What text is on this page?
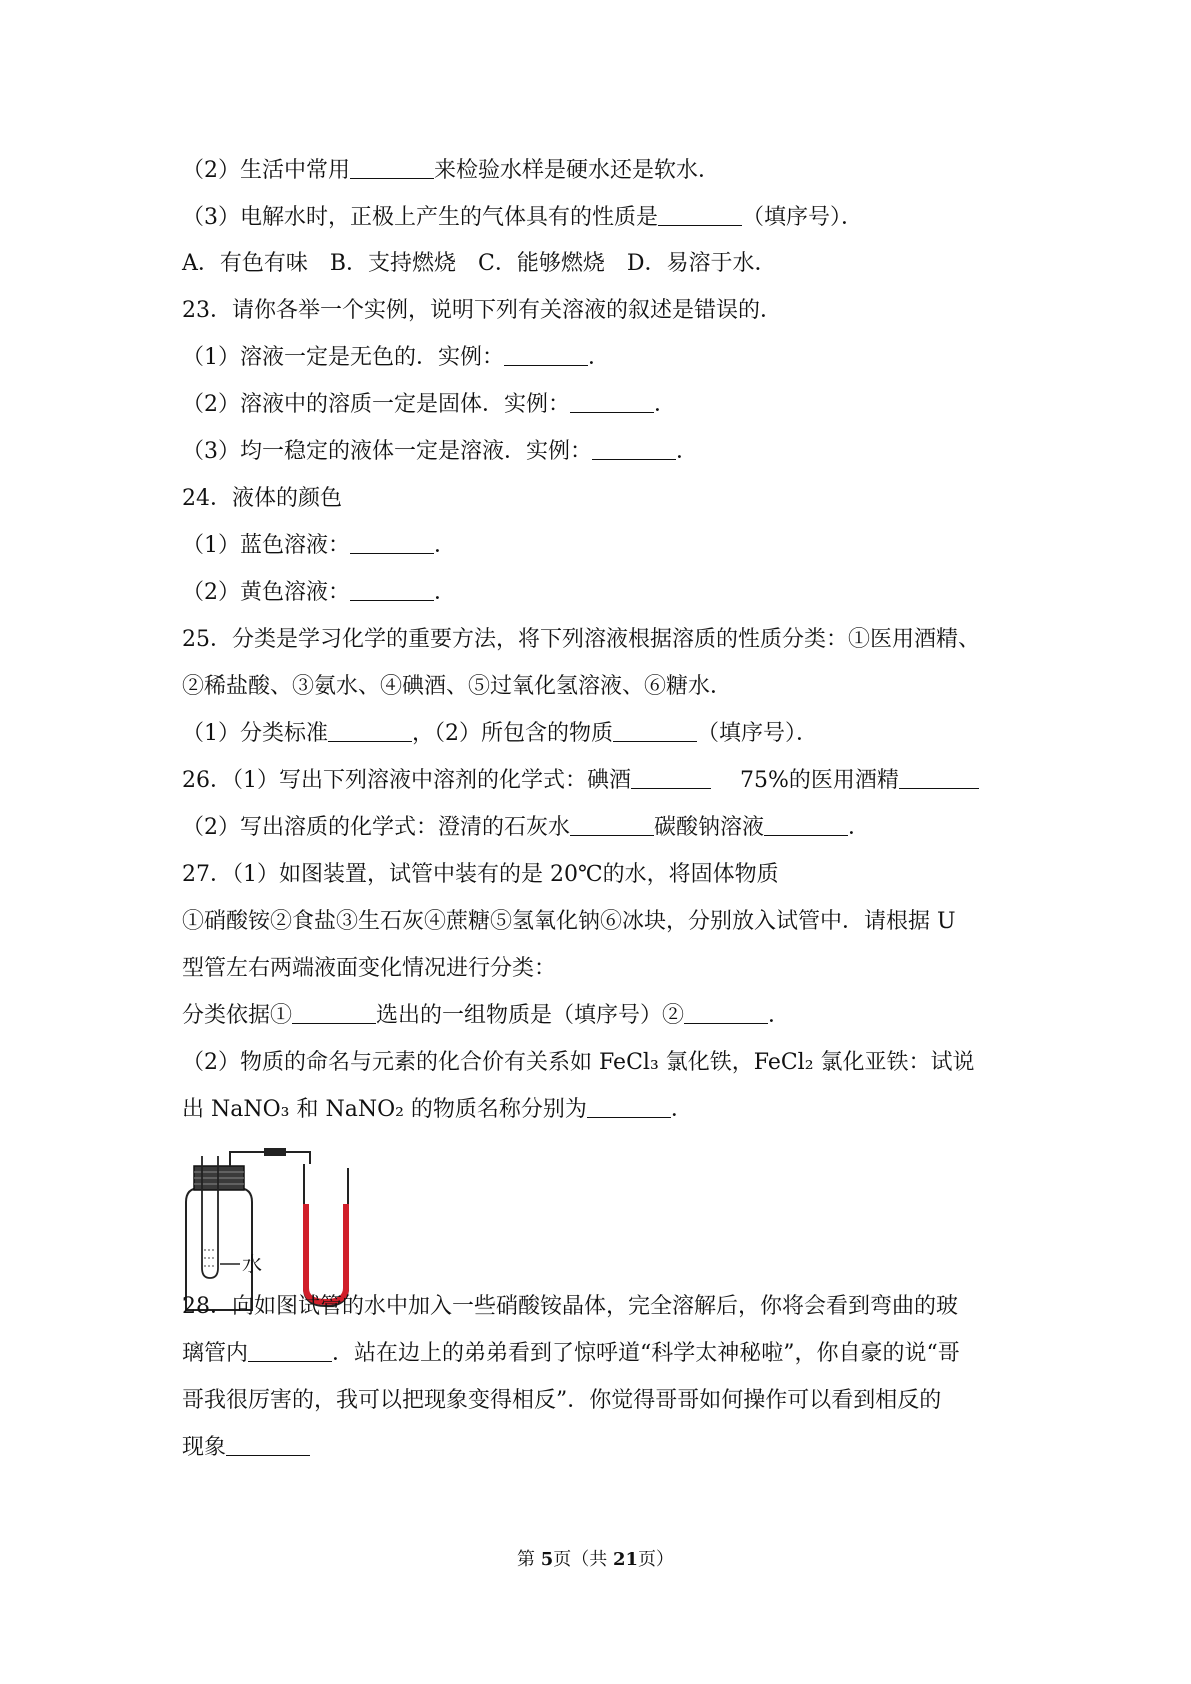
（2）生活中常用	来检验水样是硬水还是软水．
（3）电解水时，正极上产生的气体具有的性质是	（填序号）．
A．有色有味　B．支持燃烧　C．能够燃烧　D．易溶于水．
23．请你各举一个实例，说明下列有关溶液的叙述是错误的．
（1）溶液一定是无色的．实例：	．
（2）溶液中的溶质一定是固体．实例：	．
（3）均一稳定的液体一定是溶液．实例：	．
24．液体的颜色
（1）蓝色溶液：	．
（2）黄色溶液：	．
25．分类是学习化学的重要方法，将下列溶液根据溶质的性质分类：①医用酒精、
②稀盐酸、③氨水、④碘酒、⑤过氧化氢溶液、⑥糖水．
（1）分类标准	，（2）所包含的物质	（填序号）．
26．（1）写出下列溶液中溶剂的化学式：碘酒	　 75%的医用酒精
（2）写出溶质的化学式：澄清的石灰水	碳酸钠溶液	．
27．（1）如图装置，试管中装有的是 20℃的水，将固体物质
①硝酸铵②食盐③生石灰④蔗糖⑤氢氧化钠⑥冰块，分别放入试管中．请根据 U
型管左右两端液面变化情况进行分类：
分类依据①	选出的一组物质是（填序号）②	．
（2）物质的命名与元素的化合价有关系如 FeCl₃ 氯化铁，FeCl₂ 氯化亚铁：试说
出 NaNO₃ 和 NaNO₂ 的物质名称分别为	．
水
28．向如图试管的水中加入一些硝酸铵晶体，完全溶解后，你将会看到弯曲的玻
璃管内	．站在边上的弟弟看到了惊呼道“科学太神秘啦”，你自豪的说“哥
哥我很厉害的，我可以把现象变得相反”．你觉得哥哥如何操作可以看到相反的
现象
第 5页（共 21页）
